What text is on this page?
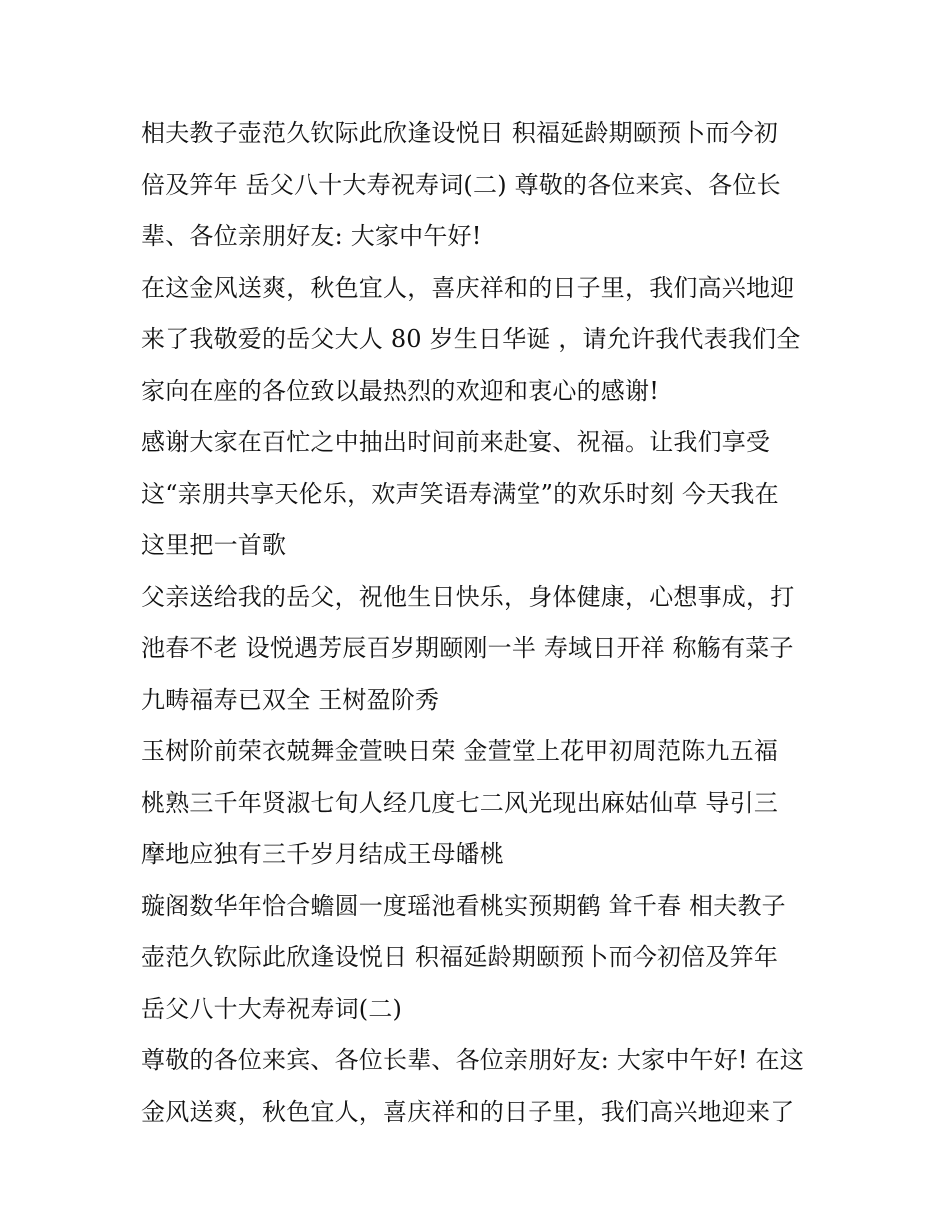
相夫教子壶范久钦际此欣逢设悦日 积福延龄期颐预卜而今初
倍及笄年 岳父八十大寿祝寿词(二) 尊敬的各位来宾、各位长
辈、各位亲朋好友: 大家中午好!
在这金风送爽，秋色宜人，喜庆祥和的日子里，我们高兴地迎
来了我敬爱的岳父大人 80 岁生日华诞 ，请允许我代表我们全
家向在座的各位致以最热烈的欢迎和衷心的感谢!
感谢大家在百忙之中抽出时间前来赴宴、祝福。让我们享受
这“亲朋共享天伦乐，欢声笑语寿满堂”的欢乐时刻 今天我在
这里把一首歌
父亲送给我的岳父，祝他生日快乐，身体健康，心想事成，打
池春不老 设悦遇芳辰百岁期颐刚一半 寿域日开祥 称觞有菜子
九畴福寿已双全 王树盈阶秀
玉树阶前荣衣兢舞金萱映日荣 金萱堂上花甲初周范陈九五福
桃熟三千年贤淑七旬人经几度七二风光现出麻姑仙草 导引三
摩地应独有三千岁月结成王母皤桃
璇阁数华年恰合蟾圆一度瑶池看桃实预期鹤 耸千春 相夫教子
壶范久钦际此欣逢设悦日 积福延龄期颐预卜而今初倍及笄年
岳父八十大寿祝寿词(二)
尊敬的各位来宾、各位长辈、各位亲朋好友: 大家中午好! 在这
金风送爽，秋色宜人，喜庆祥和的日子里，我们高兴地迎来了
